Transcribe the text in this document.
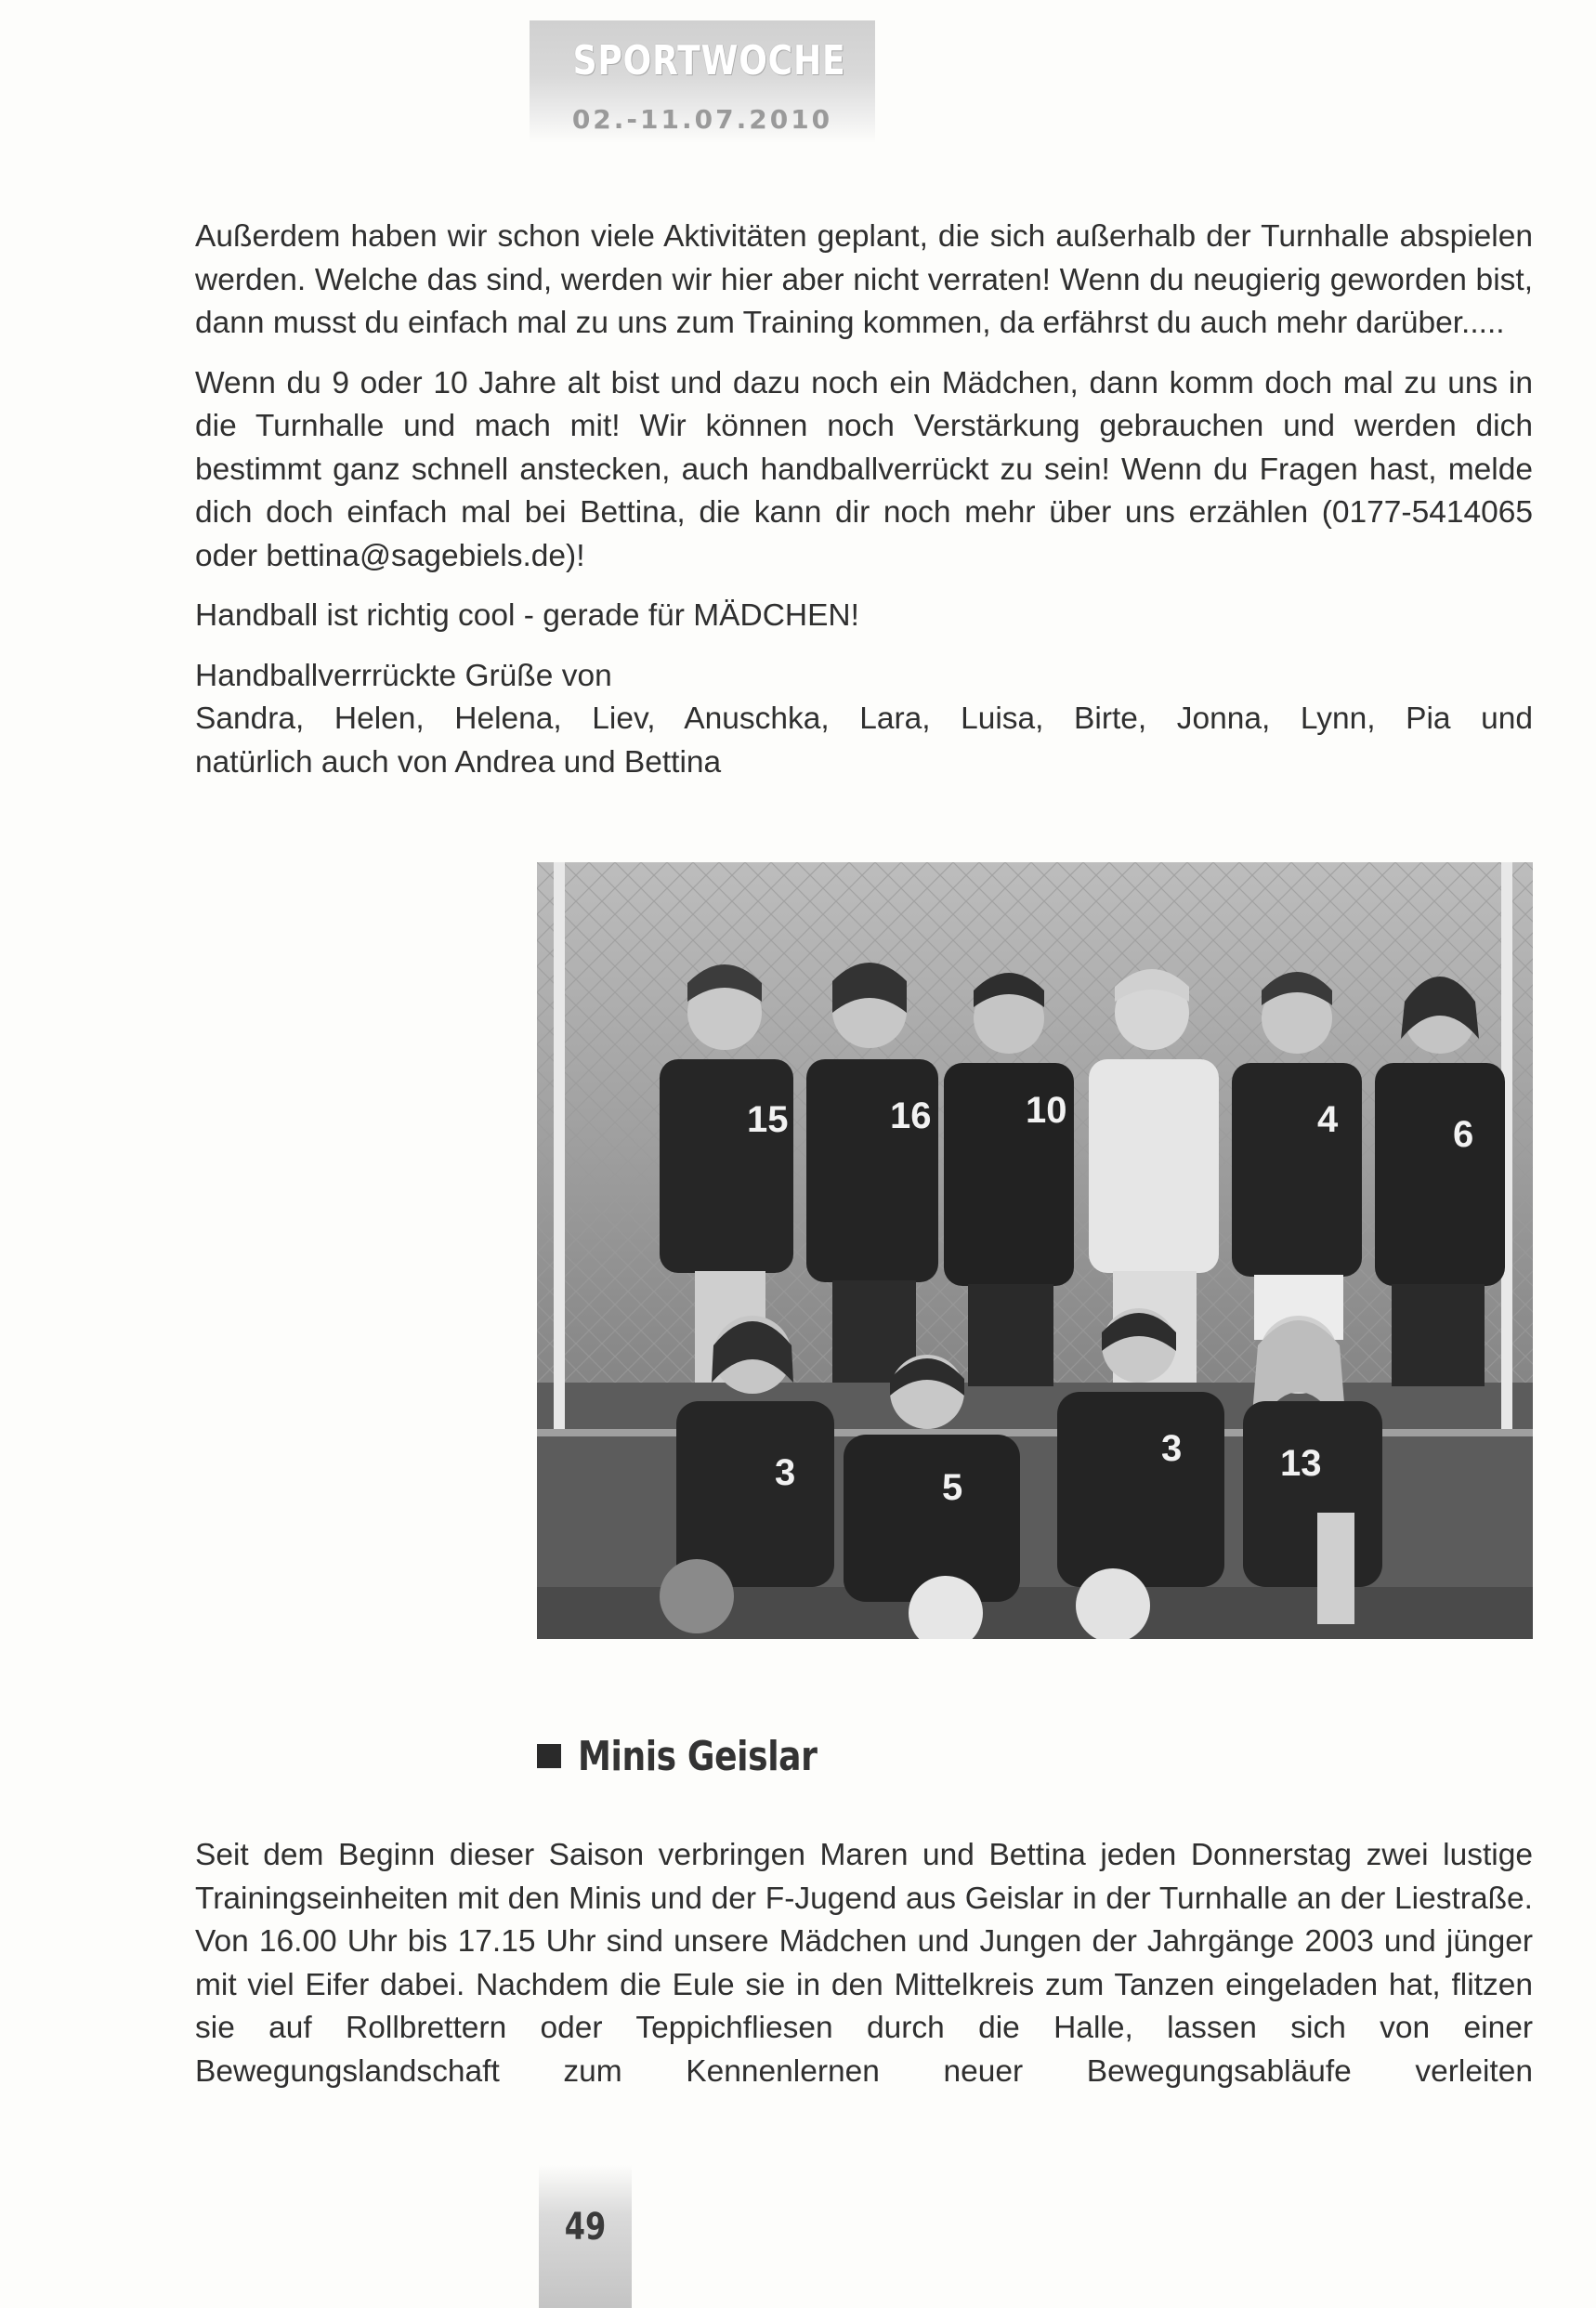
SPORTWOCHE
02.-11.07.2010

Außerdem haben wir schon viele Aktivitäten geplant, die sich außerhalb der Turnhalle abspielen werden. Welche das sind, werden wir hier aber nicht verraten! Wenn du neugierig geworden bist, dann musst du einfach mal zu uns zum Training kommen, da erfährst du auch mehr darüber.....

Wenn du 9 oder 10 Jahre alt bist und dazu noch ein Mädchen, dann komm doch mal zu uns in die Turnhalle und mach mit! Wir können noch Verstärkung gebrauchen und werden dich bestimmt ganz schnell anstecken, auch handballverrückt zu sein! Wenn du Fragen hast, melde dich doch einfach mal bei Bettina, die kann dir noch mehr über uns erzählen (0177-5414065 oder bettina@sagebiels.de)!

Handball ist richtig cool - gerade für MÄDCHEN!

Handballverrrückte Grüße von

Sandra, Helen, Helena, Liev, Anuschka, Lara, Luisa, Birte, Jonna, Lynn, Pia und

natürlich auch von Andrea und Bettina

15	16	10	4	6
3	5
3	13
Minis Geislar

Seit dem Beginn dieser Saison verbringen Maren und Bettina jeden Donnerstag zwei lustige Trainingseinheiten mit den Minis und der F-Jugend aus Geislar in der Turnhalle an der Liestraße. Von 16.00 Uhr bis 17.15 Uhr sind unsere Mädchen und Jungen der Jahrgänge 2003 und jünger mit viel Eifer dabei. Nachdem die Eule sie in den Mittelkreis zum Tanzen eingeladen hat, flitzen sie auf Rollbrettern oder Teppichfliesen durch die Halle, lassen sich von einer Bewegungslandschaft zum Kennenlernen neuer Bewegungsabläufe verleiten

49
